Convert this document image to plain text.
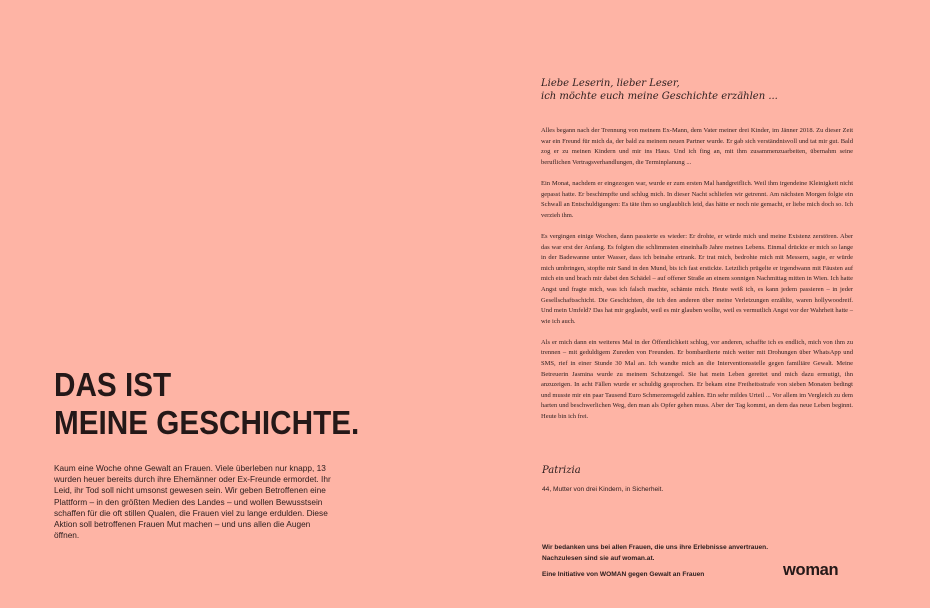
DAS IST
MEINE GESCHICHTE.
Kaum eine Woche ohne Gewalt an Frauen. Viele überleben nur knapp, 13 wurden heuer bereits durch ihre Ehemänner oder Ex-Freunde ermordet. Ihr Leid, ihr Tod soll nicht umsonst gewesen sein. Wir geben Betroffenen eine Plattform – in den größten Medien des Landes – und wollen Bewusstsein schaffen für die oft stillen Qualen, die Frauen viel zu lange erdulden. Diese Aktion soll betroffenen Frauen Mut machen – und uns allen die Augen öffnen.
Liebe Leserin, lieber Leser,
ich möchte euch meine Geschichte erzählen ...

Alles begann nach der Trennung von meinem Ex-Mann, dem Vater meiner drei Kinder, im Jänner 2018. Zu dieser Zeit war ein Freund für mich da, der bald zu meinem neuen Partner wurde. Er gab sich verständnisvoll und tat mir gut. Bald zog er zu meinen Kindern und mir ins Haus. Und ich fing an, mit ihm zusammenzuarbeiten, übernahm seine beruflichen Vertragsverhandlungen, die Terminplanung ...

Ein Monat, nachdem er eingezogen war, wurde er zum ersten Mal handgreiflich. Weil ihm irgendeine Kleinigkeit nicht gepasst hatte. Er beschimpfte und schlug mich. In dieser Nacht schliefen wir getrennt. Am nächsten Morgen folgte ein Schwall an Entschuldigungen: Es täte ihm so unglaublich leid, das hätte er noch nie gemacht, er liebe mich doch so. Ich verzieh ihm.

Es vergingen einige Wochen, dann passierte es wieder: Er drohte, er würde mich und meine Existenz zerstören. Aber das war erst der Anfang. Es folgten die schlimmsten eineinhalb Jahre meines Lebens. Einmal drückte er mich so lange in der Badewanne unter Wasser, dass ich beinahe ertrank. Er trat mich, bedrohte mich mit Messern, sagte, er würde mich umbringen, stopfte mir Sand in den Mund, bis ich fast erstickte. Letztlich prügelte er irgendwann mit Fäusten auf mich ein und brach mir dabei den Schädel – auf offener Straße an einem sonnigen Nachmittag mitten in Wien. Ich hatte Angst und fragte mich, was ich falsch machte, schämte mich. Heute weiß ich, es kann jedem passieren – in jeder Gesellschaftsschicht. Die Geschichten, die ich den anderen über meine Verletzungen erzählte, waren hollywoodreif. Und mein Umfeld? Das hat mir geglaubt, weil es mir glauben wollte, weil es vermutlich Angst vor der Wahrheit hatte – wie ich auch.

Als er mich dann ein weiteres Mal in der Öffentlichkeit schlug, vor anderen, schaffte ich es endlich, mich von ihm zu trennen – mit geduldigem Zureden von Freunden. Er bombardierte mich weiter mit Drohungen über WhatsApp und SMS, rief in einer Stunde 30 Mal an. Ich wandte mich an die Interventionsstelle gegen familiäre Gewalt. Meine Betreuerin Jasmina wurde zu meinem Schutzengel. Sie hat mein Leben gerettet und mich dazu ermutigt, ihn anzuzeigen. In acht Fällen wurde er schuldig gesprochen. Er bekam eine Freiheitsstrafe von sieben Monaten bedingt und musste mir ein paar Tausend Euro Schmerzensgeld zahlen. Ein sehr mildes Urteil ... Vor allem im Vergleich zu dem harten und beschwerlichen Weg, den man als Opfer gehen muss. Aber der Tag kommt, an dem das neue Leben beginnt. Heute bin ich frei.

Patrizia
44, Mutter von drei Kindern, in Sicherheit.
Wir bedanken uns bei allen Frauen, die uns ihre Erlebnisse anvertrauen. Nachzulesen sind sie auf woman.at.
Eine Initiative von WOMAN gegen Gewalt an Frauen	woman
